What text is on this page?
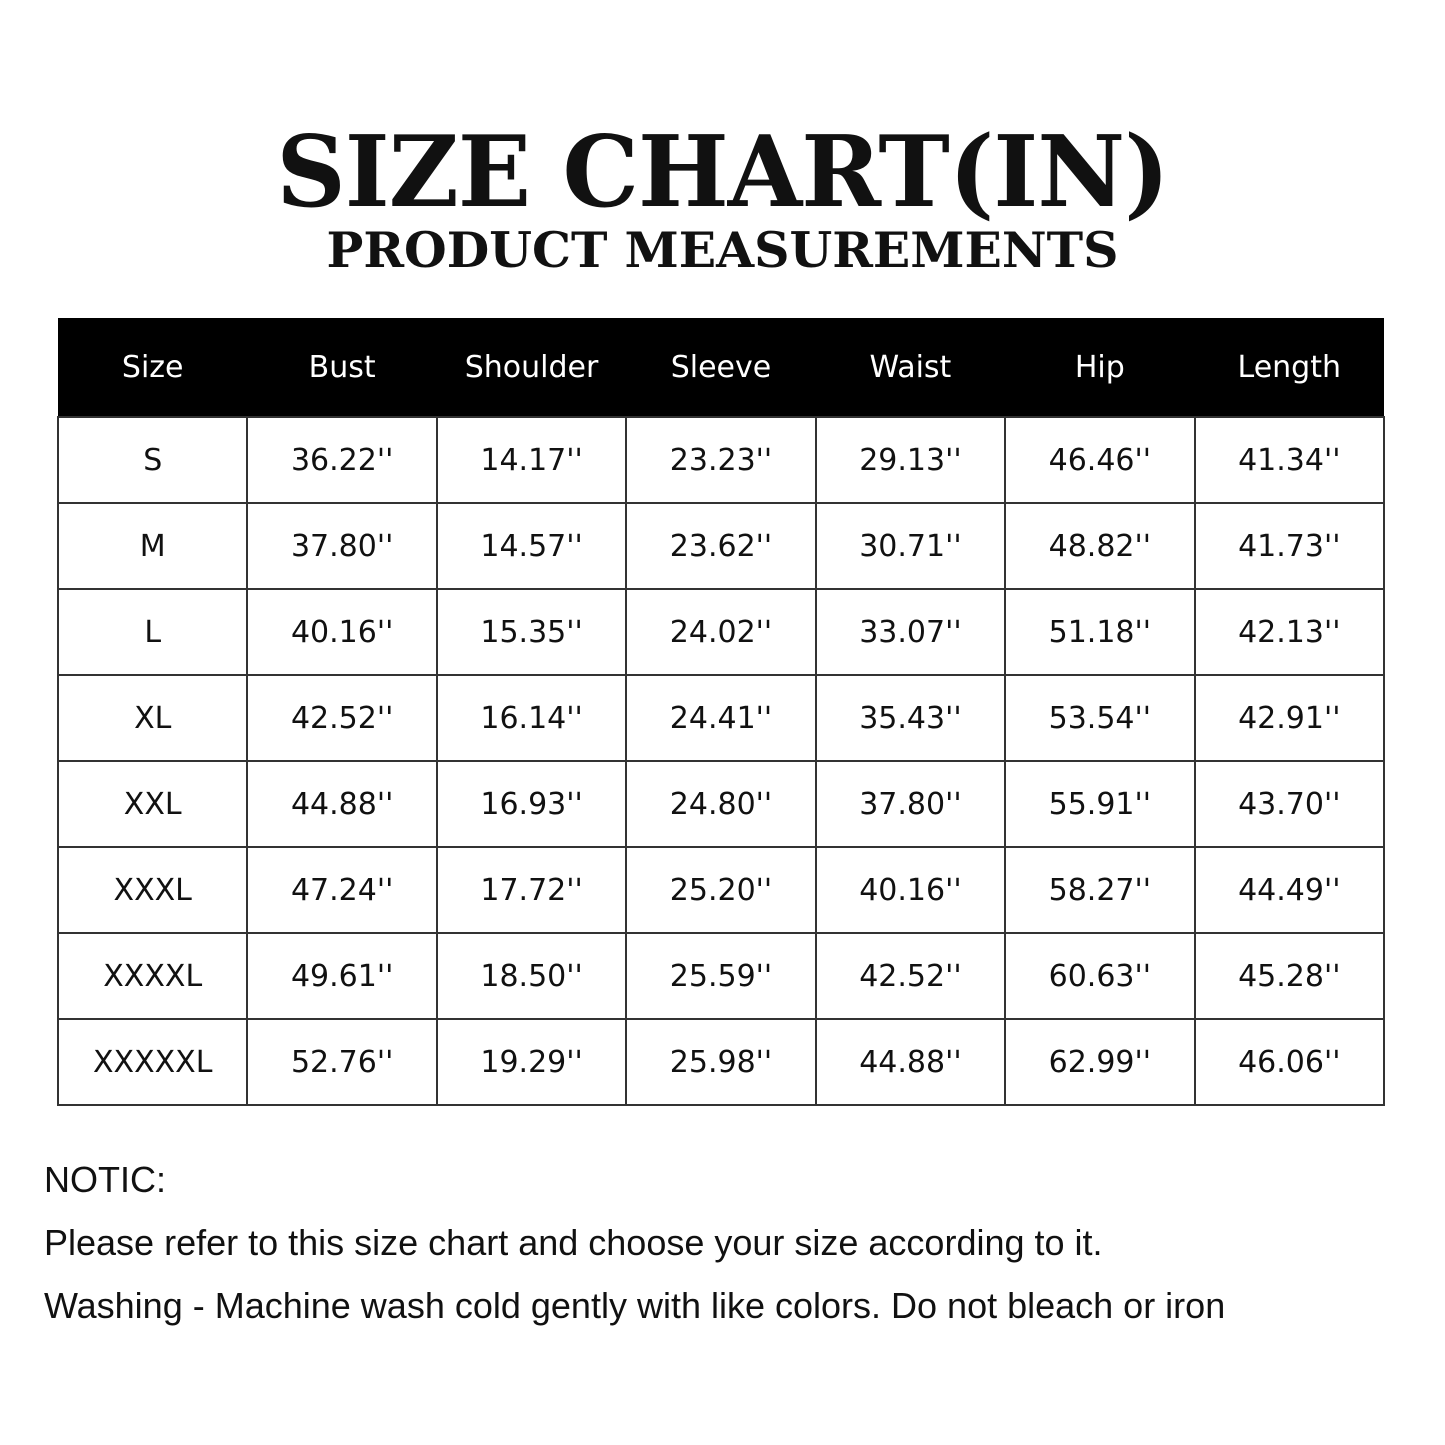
SIZE CHART(IN)
PRODUCT MEASUREMENTS
Size	Bust	Shoulder	Sleeve	Waist	Hip	Length
S	36.22''	14.17''	23.23''	29.13''	46.46''	41.34''
M	37.80''	14.57''	23.62''	30.71''	48.82''	41.73''
L	40.16''	15.35''	24.02''	33.07''	51.18''	42.13''
XL	42.52''	16.14''	24.41''	35.43''	53.54''	42.91''
XXL	44.88''	16.93''	24.80''	37.80''	55.91''	43.70''
XXXL	47.24''	17.72''	25.20''	40.16''	58.27''	44.49''
XXXXL	49.61''	18.50''	25.59''	42.52''	60.63''	45.28''
XXXXXL	52.76''	19.29''	25.98''	44.88''	62.99''	46.06''
NOTIC:
Please refer to this size chart and choose your size according to it.
Washing - Machine wash cold gently with like colors. Do not bleach or iron
